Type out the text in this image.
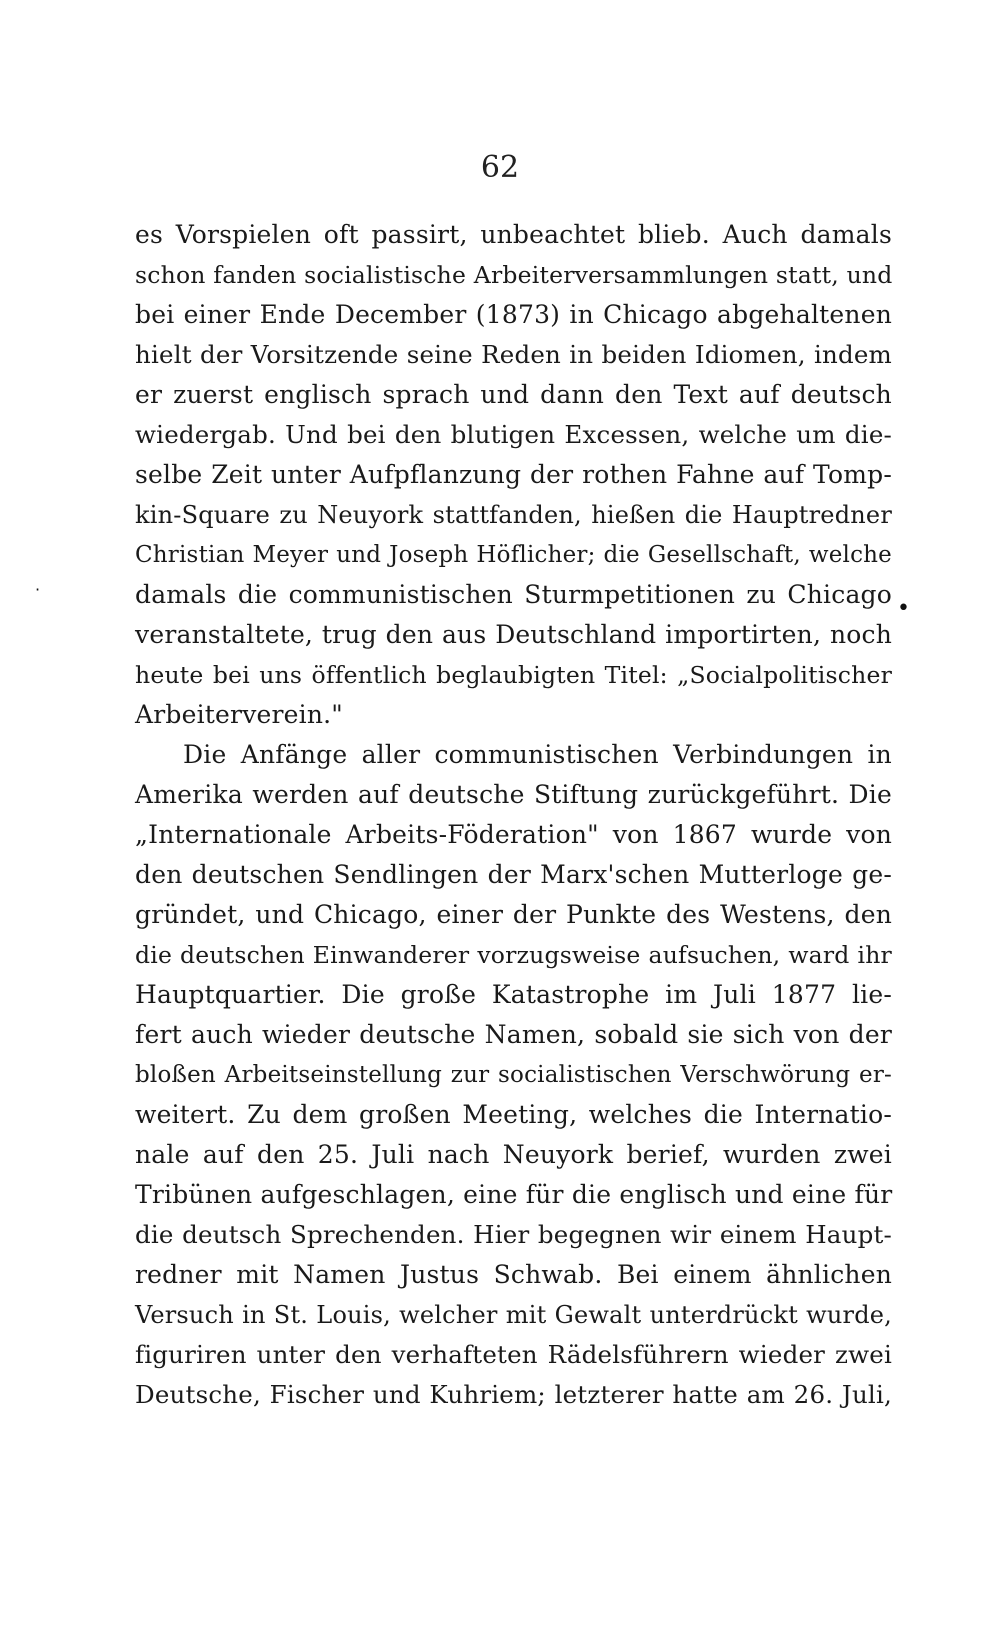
62
es Vorspielen oft passirt, unbeachtet blieb. Auch damals
schon fanden socialistische Arbeiterversammlungen statt, und
bei einer Ende December (1873) in Chicago abgehaltenen
hielt der Vorsitzende seine Reden in beiden Idiomen, indem
er zuerst englisch sprach und dann den Text auf deutsch
wiedergab. Und bei den blutigen Excessen, welche um die-
selbe Zeit unter Aufpflanzung der rothen Fahne auf Tomp-
kin-Square zu Neuyork stattfanden, hießen die Hauptredner
Christian Meyer und Joseph Höflicher; die Gesellschaft, welche
damals die communistischen Sturmpetitionen zu Chicago
veranstaltete, trug den aus Deutschland importirten, noch
heute bei uns öffentlich beglaubigten Titel: „Socialpolitischer
Arbeiterverein."
Die Anfänge aller communistischen Verbindungen in
Amerika werden auf deutsche Stiftung zurückgeführt. Die
„Internationale Arbeits-Föderation" von 1867 wurde von
den deutschen Sendlingen der Marx'schen Mutterloge ge-
gründet, und Chicago, einer der Punkte des Westens, den
die deutschen Einwanderer vorzugsweise aufsuchen, ward ihr
Hauptquartier. Die große Katastrophe im Juli 1877 lie-
fert auch wieder deutsche Namen, sobald sie sich von der
bloßen Arbeitseinstellung zur socialistischen Verschwörung er-
weitert. Zu dem großen Meeting, welches die Internatio-
nale auf den 25. Juli nach Neuyork berief, wurden zwei
Tribünen aufgeschlagen, eine für die englisch und eine für
die deutsch Sprechenden. Hier begegnen wir einem Haupt-
redner mit Namen Justus Schwab. Bei einem ähnlichen
Versuch in St. Louis, welcher mit Gewalt unterdrückt wurde,
figuriren unter den verhafteten Rädelsführern wieder zwei
Deutsche, Fischer und Kuhriem; letzterer hatte am 26. Juli,
•
·
